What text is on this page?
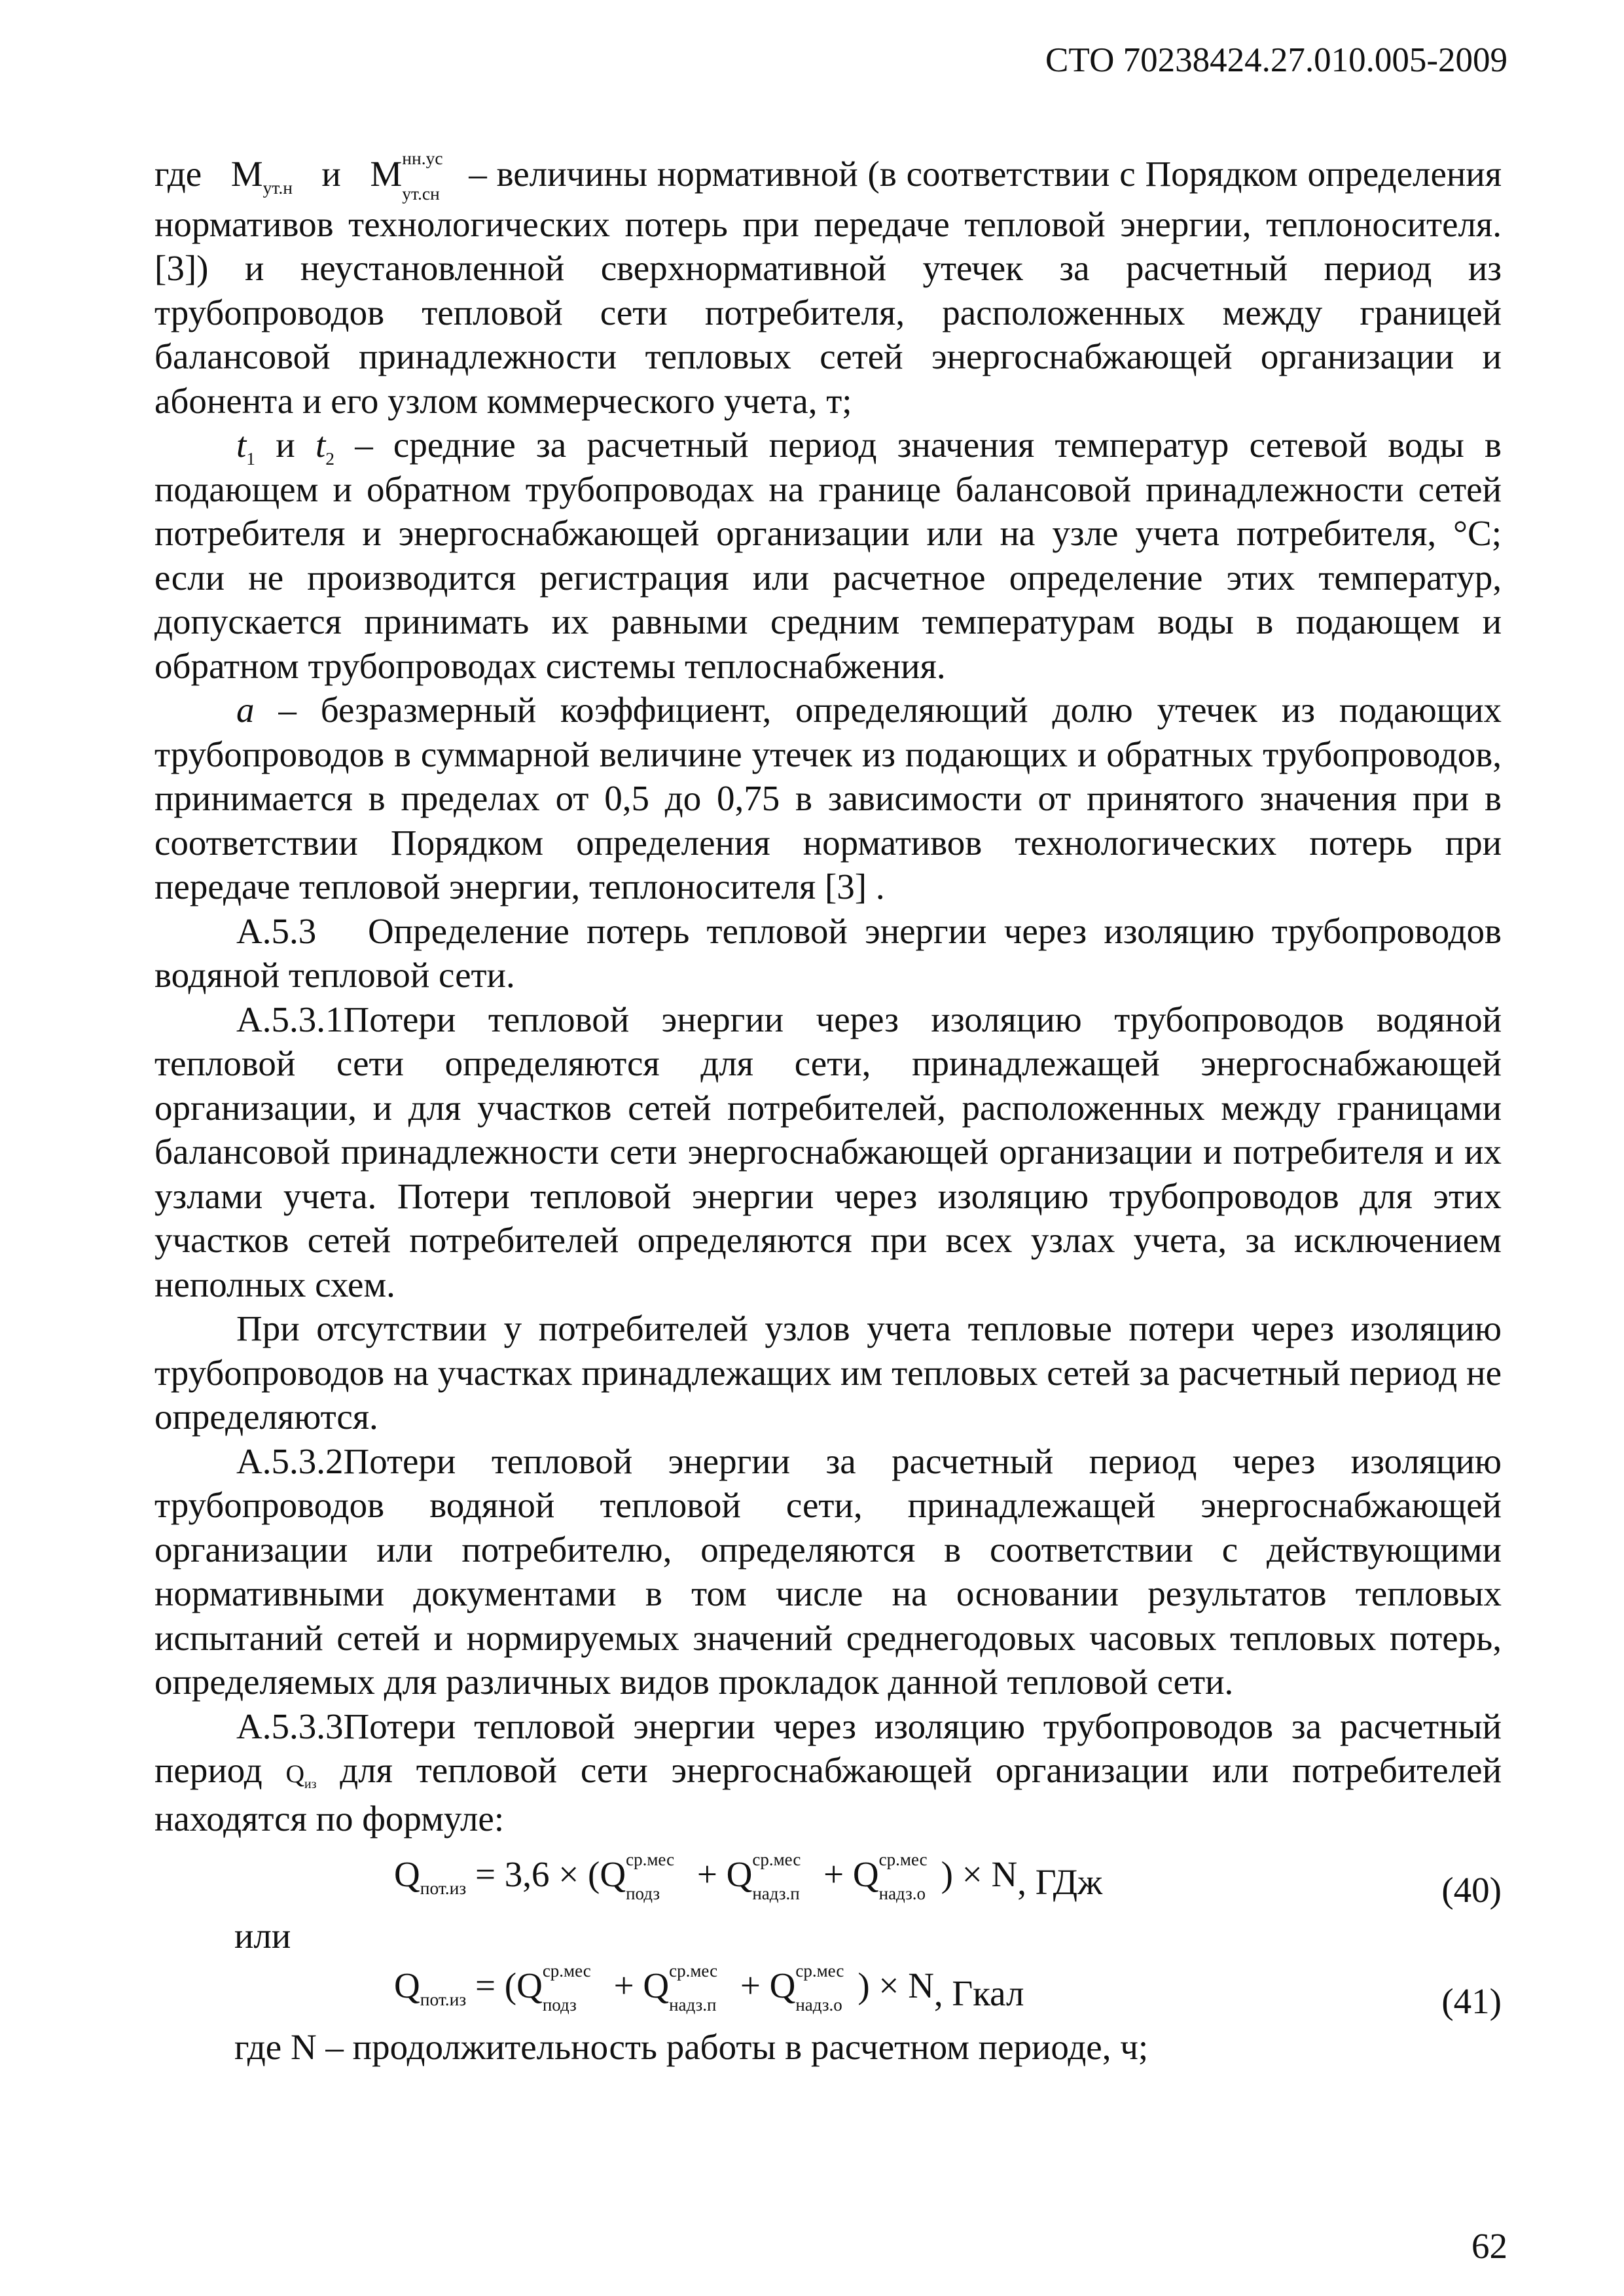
СТО 70238424.27.010.005-2009

где $М_{ут.н}$ и М нн.ус
ут.сн – величины нормативной (в соответствии с Порядком определения нормативов технологических потерь при передаче тепловой энергии, теплоносителя. [3]) и неустановленной сверхнормативной утечек за расчетный период из трубопроводов тепловой сети потребителя, расположенных между границей балансовой принадлежности тепловых сетей энергоснабжающей организации и абонента и его узлом коммерческого учета, т;

$t_1$ и $t_2$ – средние за расчетный период значения температур сетевой воды в подающем и обратном трубопроводах на границе балансовой принадлежности сетей потребителя и энергоснабжающей организации или на узле учета потребителя, °С; если не производится регистрация или расчетное определение этих температур, допускается принимать их равными средним температурам воды в подающем и обратном трубопроводах системы теплоснабжения.

а – безразмерный коэффициент, определяющий долю утечек из подающих трубопроводов в суммарной величине утечек из подающих и обратных трубопроводов, принимается в пределах от 0,5 до 0,75 в зависимости от принятого значения при в соответствии Порядком определения нормативов технологических потерь при передаче тепловой энергии, теплоносителя [3] .

А.5.3 Определение потерь тепловой энергии через изоляцию трубопроводов водяной тепловой сети.

А.5.3.1Потери тепловой энергии через изоляцию трубопроводов водяной тепловой сети определяются для сети, принадлежащей энергоснабжающей организации, и для участков сетей потребителей, расположенных между границами балансовой принадлежности сети энергоснабжающей организации и потребителя и их узлами учета. Потери тепловой энергии через изоляцию трубопроводов для этих участков сетей потребителей определяются при всех узлах учета, за исключением неполных схем.

При отсутствии у потребителей узлов учета тепловые потери через изоляцию трубопроводов на участках принадлежащих им тепловых сетей за расчетный период не определяются.

А.5.3.2Потери тепловой энергии за расчетный период через изоляцию трубопроводов водяной тепловой сети, принадлежащей энергоснабжающей организации или потребителю, определяются в соответствии с действующими нормативными документами в том числе на основании результатов тепловых испытаний сетей и нормируемых значений среднегодовых часовых тепловых потерь, определяемых для различных видов прокладок данной тепловой сети.

А.5.3.3Потери тепловой энергии через изоляцию трубопроводов за расчетный период $Q_{из}$ для тепловой сети энергоснабжающей организации или потребителей находятся по формуле:

$Q_{пот.из} = 3,6 \times (Q$ ср.мес
подз + Q ср.мес
надз.п + Q ср.мес
надз.о ) × N, ГДж	(40)

или

$Q_{пот.из} = (Q$ ср.мес
подз + Q ср.мес
надз.п + Q ср.мес
надз.о ) × N, Гкал	(41)

где N – продолжительность работы в расчетном периоде, ч;

62
